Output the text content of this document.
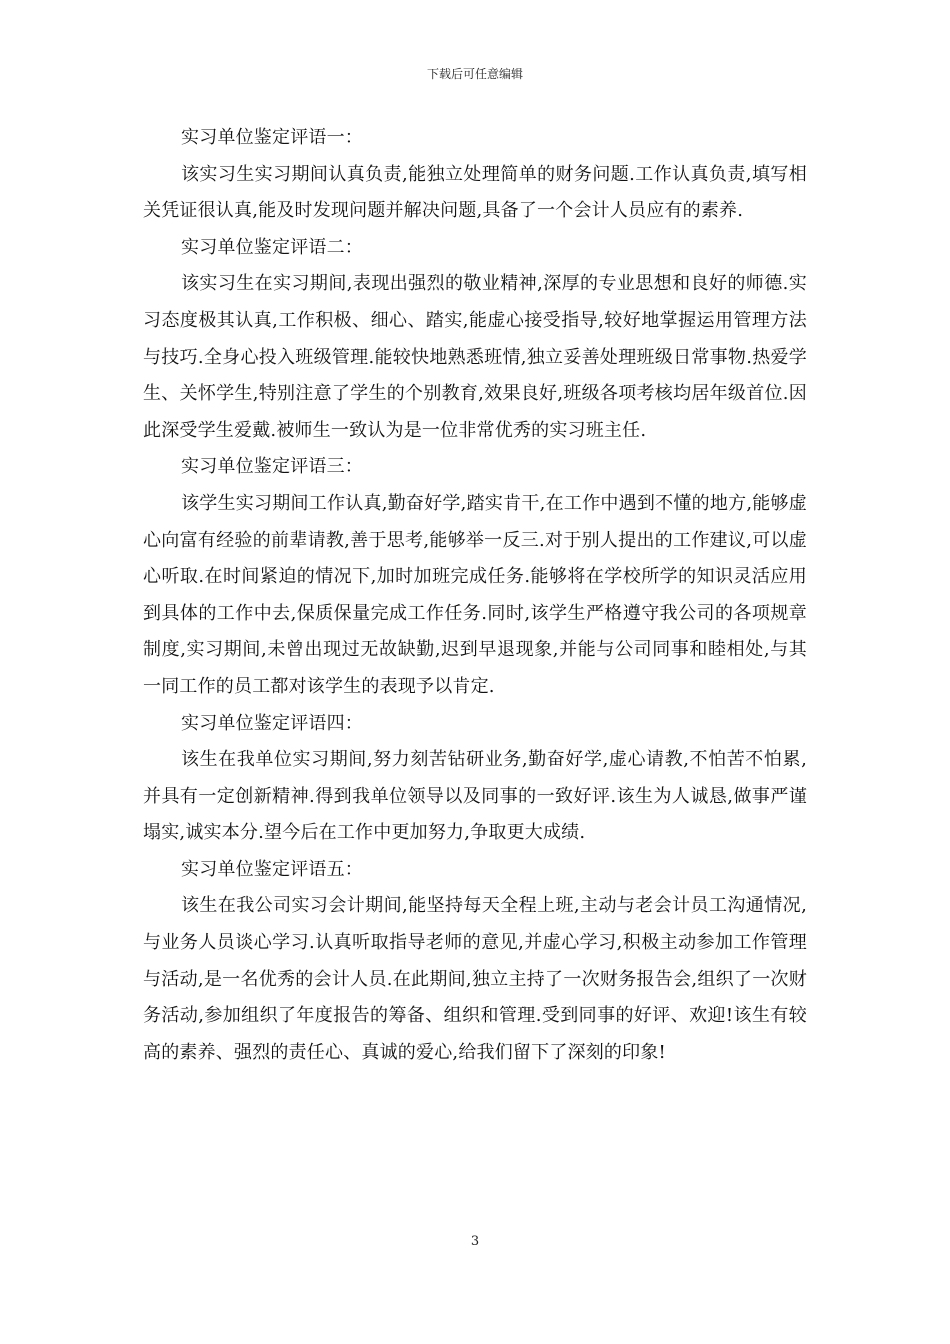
下载后可任意编辑

实习单位鉴定评语一：

该实习生实习期间认真负责,能独立处理简单的财务问题.工作认真负责,填写相关凭证很认真,能及时发现问题并解决问题,具备了一个会计人员应有的素养.

实习单位鉴定评语二：

该实习生在实习期间,表现出强烈的敬业精神,深厚的专业思想和良好的师德.实习态度极其认真,工作积极、细心、踏实,能虚心接受指导,较好地掌握运用管理方法与技巧.全身心投入班级管理.能较快地熟悉班情,独立妥善处理班级日常事物.热爱学生、关怀学生,特别注意了学生的个别教育,效果良好,班级各项考核均居年级首位.因此深受学生爱戴.被师生一致认为是一位非常优秀的实习班主任.

实习单位鉴定评语三：

该学生实习期间工作认真,勤奋好学,踏实肯干,在工作中遇到不懂的地方,能够虚心向富有经验的前辈请教,善于思考,能够举一反三.对于别人提出的工作建议,可以虚心听取.在时间紧迫的情况下,加时加班完成任务.能够将在学校所学的知识灵活应用到具体的工作中去,保质保量完成工作任务.同时,该学生严格遵守我公司的各项规章制度,实习期间,未曾出现过无故缺勤,迟到早退现象,并能与公司同事和睦相处,与其一同工作的员工都对该学生的表现予以肯定.

实习单位鉴定评语四：

该生在我单位实习期间,努力刻苦钻研业务,勤奋好学,虚心请教,不怕苦不怕累,并具有一定创新精神.得到我单位领导以及同事的一致好评.该生为人诚恳,做事严谨塌实,诚实本分.望今后在工作中更加努力,争取更大成绩.

实习单位鉴定评语五：

该生在我公司实习会计期间,能坚持每天全程上班,主动与老会计员工沟通情况,与业务人员谈心学习.认真听取指导老师的意见,并虚心学习,积极主动参加工作管理与活动,是一名优秀的会计人员.在此期间,独立主持了一次财务报告会,组织了一次财务活动,参加组织了年度报告的筹备、组织和管理.受到同事的好评、欢迎!该生有较高的素养、强烈的责任心、真诚的爱心,给我们留下了深刻的印象!

3
